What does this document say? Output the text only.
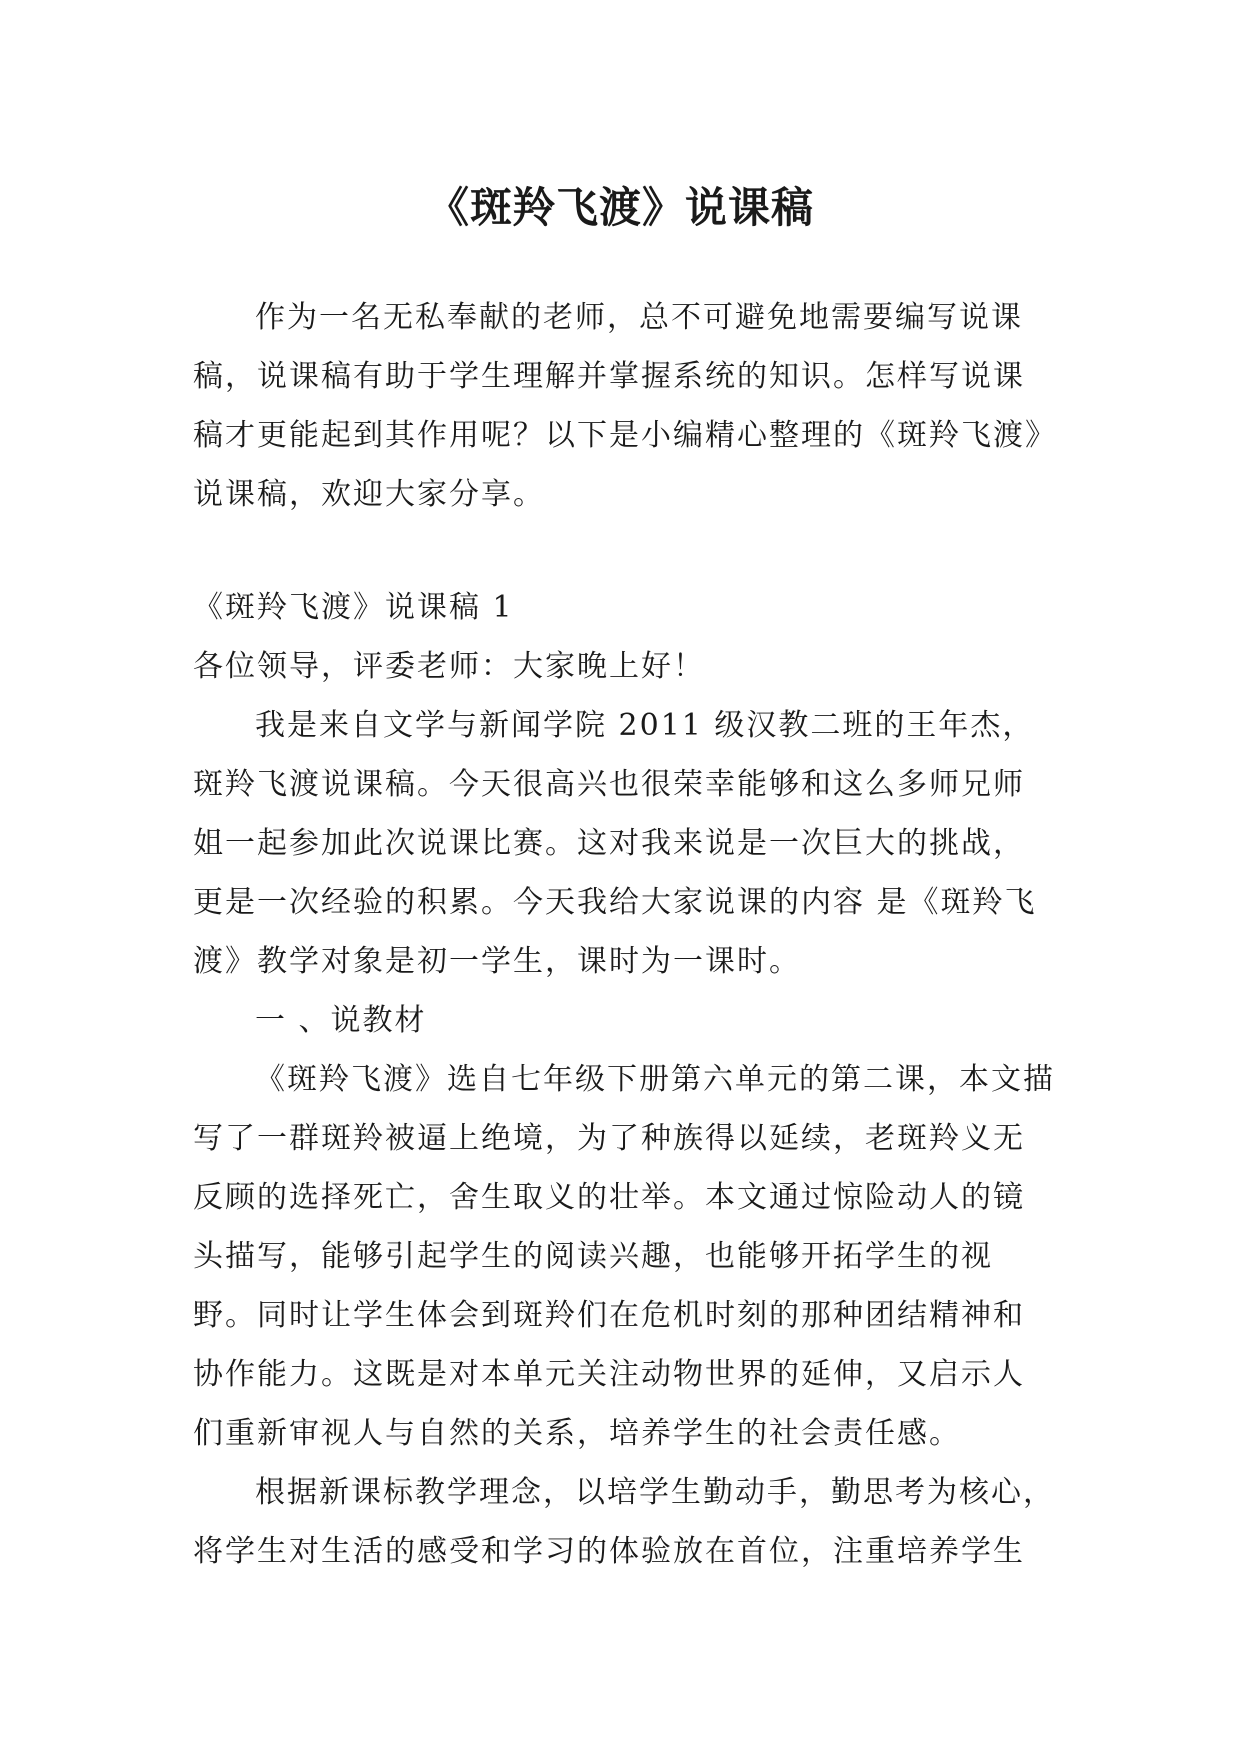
《斑羚飞渡》说课稿

作为一名无私奉献的老师，总不可避免地需要编写说课稿，说课稿有助于学生理解并掌握系统的知识。怎样写说课稿才更能起到其作用呢？以下是小编精心整理的《斑羚飞渡》说课稿，欢迎大家分享。

《斑羚飞渡》说课稿 1

各位领导，评委老师：大家晚上好！

我是来自文学与新闻学院 2011 级汉教二班的王年杰，斑羚飞渡说课稿。今天很高兴也很荣幸能够和这么多师兄师姐一起参加此次说课比赛。这对我来说是一次巨大的挑战，更是一次经验的积累。今天我给大家说课的内容 是《斑羚飞渡》教学对象是初一学生，课时为一课时。

一 、说教材

《斑羚飞渡》选自七年级下册第六单元的第二课，本文描写了一群斑羚被逼上绝境，为了种族得以延续，老斑羚义无反顾的选择死亡，舍生取义的壮举。本文通过惊险动人的镜头描写，能够引起学生的阅读兴趣，也能够开拓学生的视野。同时让学生体会到斑羚们在危机时刻的那种团结精神和协作能力。这既是对本单元关注动物世界的延伸，又启示人们重新审视人与自然的关系，培养学生的社会责任感。

根据新课标教学理念，以培学生勤动手，勤思考为核心，将学生对生活的感受和学习的体验放在首位，注重培养学生
